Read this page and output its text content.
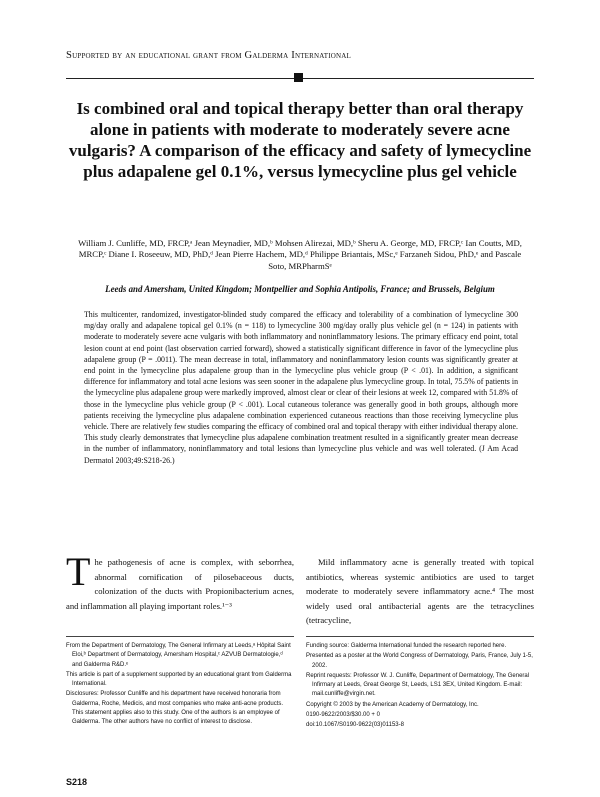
Supported by an educational grant from Galderma International
Is combined oral and topical therapy better than oral therapy alone in patients with moderate to moderately severe acne vulgaris? A comparison of the efficacy and safety of lymecycline plus adapalene gel 0.1%, versus lymecycline plus gel vehicle
William J. Cunliffe, MD, FRCP,ᵃ Jean Meynadier, MD,ᵇ Mohsen Alirezai, MD,ᵇ Sheru A. George, MD, FRCP,ᶜ Ian Coutts, MD, MRCP,ᶜ Diane I. Roseeuw, MD, PhD,ᵈ Jean Pierre Hachem, MD,ᵈ Philippe Briantais, MSc,ᵉ Farzaneh Sidou, PhD,ᵉ and Pascale Soto, MRPharmSᵉ
Leeds and Amersham, United Kingdom; Montpellier and Sophia Antipolis, France; and Brussels, Belgium

This multicenter, randomized, investigator-blinded study compared the efficacy and tolerability of a combination of lymecycline 300 mg/day orally and adapalene topical gel 0.1% (n = 118) to lymecycline 300 mg/day orally plus vehicle gel (n = 124) in patients with moderate to moderately severe acne vulgaris with both inflammatory and noninflammatory lesions. The primary efficacy end point, total lesion count at end point (last observation carried forward), showed a statistically significant difference in favor of the lymecycline plus adapalene group (P = .0011). The mean decrease in total, inflammatory and noninflammatory lesion counts was significantly greater at end point in the lymecycline plus adapalene group than in the lymecycline plus vehicle group (P < .01). In addition, a significant difference for inflammatory and total acne lesions was seen sooner in the adapalene plus lymecycline group. In total, 75.5% of patients in the lymecycline plus adapalene group were markedly improved, almost clear or clear of their lesions at week 12, compared with 51.8% of those in the lymecycline plus vehicle group (P < .001). Local cutaneous tolerance was generally good in both groups, although more patients receiving the lymecycline plus adapalene combination experienced cutaneous reactions than those receiving lymecycline plus vehicle. There are relatively few studies comparing the efficacy of combined oral and topical therapy with either individual therapy alone. This study clearly demonstrates that lymecycline plus adapalene combination treatment resulted in a significantly greater mean decrease in the number of inflammatory, noninflammatory and total lesions than lymecycline plus vehicle and was well tolerated. (J Am Acad Dermatol 2003;49:S218-26.)

The pathogenesis of acne is complex, with seborrhea, abnormal cornification of pilosebaceous ducts, colonization of the ducts with Propionibacterium acnes, and inflammation all playing important roles.¹⁻³

Mild inflammatory acne is generally treated with topical antibiotics, whereas systemic antibiotics are used to target moderate to moderately severe inflammatory acne.⁴ The most widely used oral antibacterial agents are the tetracyclines (tetracycline,

From the Department of Dermatology, The General Infirmary at Leeds,ᵃ Hôpital Saint Eloi,ᵇ Department of Dermatology, Amersham Hospital,ᶜ AZVUB Dermatologie,ᵈ and Galderma R&D.ᵉ

This article is part of a supplement supported by an educational grant from Galderma International.

Disclosures: Professor Cunliffe and his department have received honoraria from Galderma, Roche, Medicis, and most companies who make anti-acne products. This statement applies also to this study. One of the authors is an employee of Galderma. The other authors have no conflict of interest to disclose.

Funding source: Galderma International funded the research reported here.

Presented as a poster at the World Congress of Dermatology, Paris, France, July 1-5, 2002.

Reprint requests: Professor W. J. Cunliffe, Department of Dermatology, The General Infirmary at Leeds, Great George St, Leeds, LS1 3EX, United Kingdom. E-mail: mail.cunliffe@virgin.net.

Copyright © 2003 by the American Academy of Dermatology, Inc.

0190-9622/2003/$30.00 + 0

doi:10.1067/S0190-9622(03)01153-8

S218
